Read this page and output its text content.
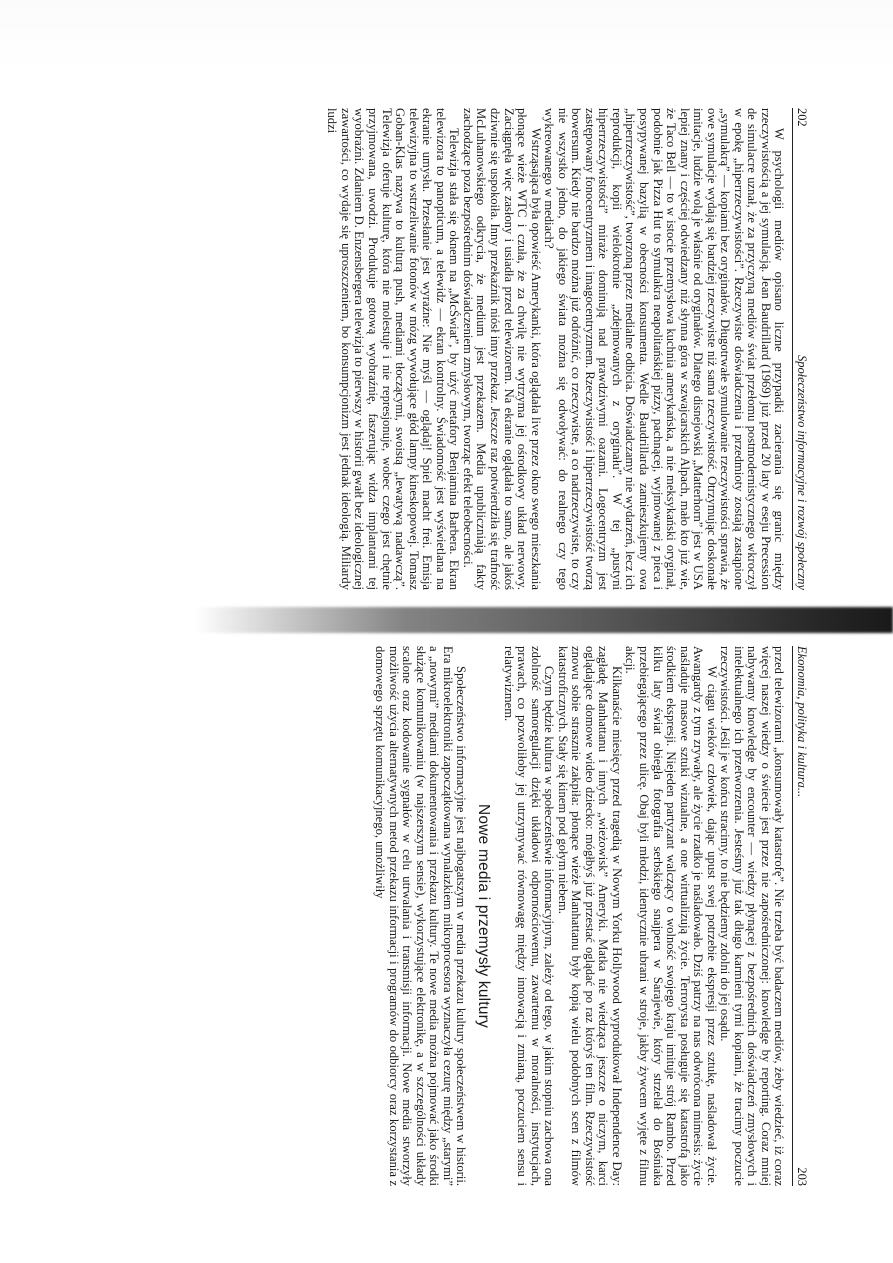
202
Społeczeństwo informacyjne i rozwój społeczny

W psychologii mediów opisano liczne przypadki zacierania się granic między rzeczywistością a jej symulacją. Jean Baudrillard (1969) już przed 20 laty w eseju Precession de simulacre uznał, że za przyczyną mediów świat przełomu postmodernistycznego wkroczył w epokę „hiperrzeczywistości”. Rzeczywiste doświadczenia i przedmioty zostają zastąpione „symulakrą” — kopiami bez oryginałów. Długotrwałe symulowanie rzeczywistości sprawia, że owe symulacje wydają się bardziej rzeczywiste niż sama rzeczywistość. Otrzymując doskonałe imitacje, ludzie wolą je właśnie od oryginałów. Dlatego disnejowski „Matterhorn” jest w USA lepiej znany i częściej odwiedzany niż słynna góra w szwajcarskich Alpach, mało kto już wie, że Taco Bell — to w istocie przemysłowa kuchnia amerykańska, a nie meksykański oryginał, podobnie jak Pizza Hut to symulakra neapolitańskiej pizzy, pachnącej, wyjmowanej z pieca i posypywanej bazylią w obecności konsumenta. Wedle Baudrillarda zamieszkujemy owa „hiperrzeczywistość”, tworzoną przez medialne odbicia. Doświadczamy nie wydarzeń, lecz ich reprodukcji, kopii wielokrotnie „zdejmowanych z oryginału”. W tej „pustyni hiperrzeczywistości” miraże dominują nad prawdziwymi oazami. Logocentryzm jest zastępowany fonocentryzmem i imagocentryzmem. Rzeczywistość i hiperrzeczywistość tworzą bowersum. Kiedy nie bardzo można już odróżnić, co rzeczywiste, a co nadrzeczywiste, to czy nie wszystko jedno, do jakiego świata można się odwoływać: do realnego czy tego wykreowanego w mediach?

Wstrząsająca była opowieść Amerykanki, która oglądała live przez okno swego mieszkania płonące wieże WTC i czuła, że za chwilę nie wytrzyma jej ośrodkowy układ nerwowy. Zaciągnęła więc zasłony i usiadła przed telewizorem. Na ekranie oglądała to samo, ale jakoś dziwnie się uspokoiła. Inny przekaźnik niósł inny przekaz. Jeszcze raz potwierdziła się trafność McLuhanowskiego odkrycia, że medium jest przekazem. Media upubliczniają fakty zachodzące poza bezpośrednim doświadczeniem zmysłowym, tworząc efekt teleobecności.

Telewizja stała się oknem na „McŚwiat”, by użyć metafory Benjamina Barbera. Ekran telewizora to panopticum, a telewidz — ekran kontrolny. Świadomość jest wyświetlana na ekranie umysłu. Przesłanie jest wyraźne: Nie myśl — oglądaj! Spiel macht frei. Emisja telewizyjna to wstrzeliwanie fotonów w mózg wywołujące głód lampy kineskopowej. Tomasz Goban-Klas nazywa to kulturą push, mediami tłoczącymi, swoistą „lewatywą nadawczą”. Telewizja oferuje kulturę, która nie molestuje i nie represjonuje, wobec czego jest chętnie przyjmowana, uwodzi. Produkuje gotową wyobraźnię, faszerując widza implantami tej wyobraźni. Zdaniem D. Enzensbergera telewizja to pierwszy w historii gwałt bez ideologicznej zawartości, co wydaje się uproszczeniem, bo konsumpcjonizm jest jednak ideologią. Miliardy ludzi

Ekonomia, polityka i kultura...
203

przed telewizorami „konsumowały katastrofę”. Nie trzeba być badaczem mediów, żeby wiedzieć, iż coraz więcej naszej wiedzy o świecie jest przez nie zapośredniczonej: knowledge by reporting. Coraz mniej nabywamy knowledge by encounter — wiedzy płynącej z bezpośrednich doświadczeń zmysłowych i intelektualnego ich przetworzenia. Jesteśmy już tak długo karmieni tymi kopiami, że tracimy poczucie rzeczywistości. Jeśli je w końcu stracimy, to nie będziemy zdolni do jej osądu.

W ciągu wieków człowiek, dając upust swej potrzebie ekspresji przez sztukę, naśladował życie. Awangardy z tym zrywały, ale życie rzadko je naśladowało. Dziś patrzy na nas odwrócona mimesis: życie naśladuje masowe sztuki wizualne, a one wirtualizują życie. Terrorysta posługuje się katastrofą jako środkiem ekspresji. Niejeden partyzant walczący o wolność swojego kraju imituje strój Rambo. Przed kilku laty świat obiegła fotografia serbskiego snajpera w Sarajewie, który strzelał do Bośniaka przebiegającego przez ulicę. Obaj byli młodzi, identycznie ubrani w stroje, jakby żywcem wyjęte z filmu akcji.

Kilkanaście miesięcy przed tragedią w Nowym Yorku Hollywood wyprodukował Independence Day: zagładę Manhattanu i innych „wieżowisk” Ameryki. Matka nie wiedząca jeszcze o niczym, karci oglądające domowe wideo dziecko: mógłbyś już przestać oglądać po raz któryś ten film. Rzeczywistość znowu sobie strasznie zakpiła: płonące wieże Manhattanu były kopią wielu podobnych scen z filmów katastroficznych. Stały się kinem pod gołym niebem.

Czym będzie kultura w społeczeństwie informacyjnym, zależy od tego, w jakim stopniu zachowa ona zdolność samoregulacji dzięki układowi odpornościowemu, zawartemu w moralności, instytucjach, prawach, co pozwoliłoby jej utrzymywać równowagę między innowacją i zmianą, poczuciem sensu i relatywizmem.

Nowe media i przemysły kultury

Społeczeństwo informacyjne jest najbogatszym w media przekazu kultury społeczeństwem w historii. Era mikroelektroniki zapoczątkowana wynalazkiem mikroprocesora wyznaczyła cezurę między „starymi” a „nowymi” mediami dokumentowania i przekazu kultury. Te nowe media można pojmować jako środki służące komunikowaniu (w najszerszym sensie), wykorzystujące elektronikę, a w szczególności układy scalone oraz kodowanie sygnałów w celu utrwalania i transmisji informacji. Nowe media stworzyły możliwość użycia alternatywnych metod przekazu informacji i programów do odbiorcy oraz korzystania z domowego sprzętu komunikacyjnego, umożliwiły
